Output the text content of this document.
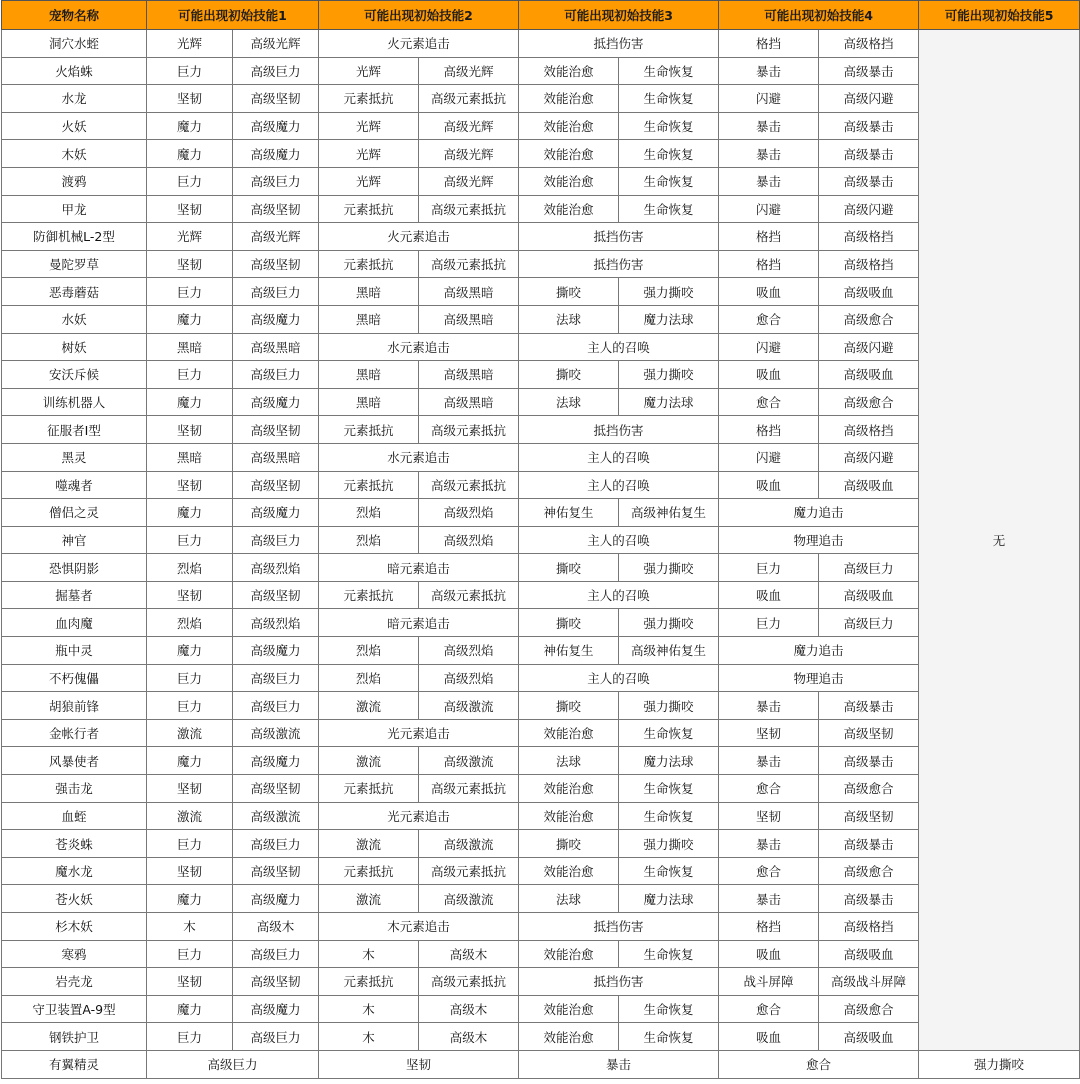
宠物名称	可能出现初始技能1		可能出现初始技能2		可能出现初始技能3		可能出现初始技能4		可能出现初始技能5
洞穴水蛭	光辉	高级光辉	火元素追击		抵挡伤害		格挡	高级格挡	无
火焰蛛	巨力	高级巨力	光辉	高级光辉	效能治愈	生命恢复	暴击	高级暴击	
水龙	坚韧	高级坚韧	元素抵抗	高级元素抵抗	效能治愈	生命恢复	闪避	高级闪避	
火妖	魔力	高级魔力	光辉	高级光辉	效能治愈	生命恢复	暴击	高级暴击	
木妖	魔力	高级魔力	光辉	高级光辉	效能治愈	生命恢复	暴击	高级暴击	
渡鸦	巨力	高级巨力	光辉	高级光辉	效能治愈	生命恢复	暴击	高级暴击	
甲龙	坚韧	高级坚韧	元素抵抗	高级元素抵抗	效能治愈	生命恢复	闪避	高级闪避	
防御机械L-2型	光辉	高级光辉	火元素追击		抵挡伤害		格挡	高级格挡	
曼陀罗草	坚韧	高级坚韧	元素抵抗	高级元素抵抗	抵挡伤害		格挡	高级格挡	
恶毒蘑菇	巨力	高级巨力	黑暗	高级黑暗	撕咬	强力撕咬	吸血	高级吸血	
水妖	魔力	高级魔力	黑暗	高级黑暗	法球	魔力法球	愈合	高级愈合	
树妖	黑暗	高级黑暗	水元素追击		主人的召唤		闪避	高级闪避	
安沃斥候	巨力	高级巨力	黑暗	高级黑暗	撕咬	强力撕咬	吸血	高级吸血	
训练机器人	魔力	高级魔力	黑暗	高级黑暗	法球	魔力法球	愈合	高级愈合	
征服者Ⅰ型	坚韧	高级坚韧	元素抵抗	高级元素抵抗	抵挡伤害		格挡	高级格挡	
黑灵	黑暗	高级黑暗	水元素追击		主人的召唤		闪避	高级闪避	
噬魂者	坚韧	高级坚韧	元素抵抗	高级元素抵抗	主人的召唤		吸血	高级吸血	
僧侣之灵	魔力	高级魔力	烈焰	高级烈焰	神佑复生	高级神佑复生	魔力追击		
神官	巨力	高级巨力	烈焰	高级烈焰	主人的召唤		物理追击		
恐惧阴影	烈焰	高级烈焰	暗元素追击		撕咬	强力撕咬	巨力	高级巨力	
掘墓者	坚韧	高级坚韧	元素抵抗	高级元素抵抗	主人的召唤		吸血	高级吸血	
血肉魔	烈焰	高级烈焰	暗元素追击		撕咬	强力撕咬	巨力	高级巨力	
瓶中灵	魔力	高级魔力	烈焰	高级烈焰	神佑复生	高级神佑复生	魔力追击		
不朽傀儡	巨力	高级巨力	烈焰	高级烈焰	主人的召唤		物理追击		
胡狼前锋	巨力	高级巨力	激流	高级激流	撕咬	强力撕咬	暴击	高级暴击	
金帐行者	激流	高级激流	光元素追击		效能治愈	生命恢复	坚韧	高级坚韧	
风暴使者	魔力	高级魔力	激流	高级激流	法球	魔力法球	暴击	高级暴击	
强击龙	坚韧	高级坚韧	元素抵抗	高级元素抵抗	效能治愈	生命恢复	愈合	高级愈合	
血蛭	激流	高级激流	光元素追击		效能治愈	生命恢复	坚韧	高级坚韧	
苍炎蛛	巨力	高级巨力	激流	高级激流	撕咬	强力撕咬	暴击	高级暴击	
魔水龙	坚韧	高级坚韧	元素抵抗	高级元素抵抗	效能治愈	生命恢复	愈合	高级愈合	
苍火妖	魔力	高级魔力	激流	高级激流	法球	魔力法球	暴击	高级暴击	
杉木妖	木	高级木	木元素追击		抵挡伤害		格挡	高级格挡	
寒鸦	巨力	高级巨力	木	高级木	效能治愈	生命恢复	吸血	高级吸血	
岩壳龙	坚韧	高级坚韧	元素抵抗	高级元素抵抗	抵挡伤害		战斗屏障	高级战斗屏障	
守卫装置A-9型	魔力	高级魔力	木	高级木	效能治愈	生命恢复	愈合	高级愈合	
钢铁护卫	巨力	高级巨力	木	高级木	效能治愈	生命恢复	吸血	高级吸血	
有翼精灵	高级巨力		坚韧		暴击		愈合		强力撕咬
